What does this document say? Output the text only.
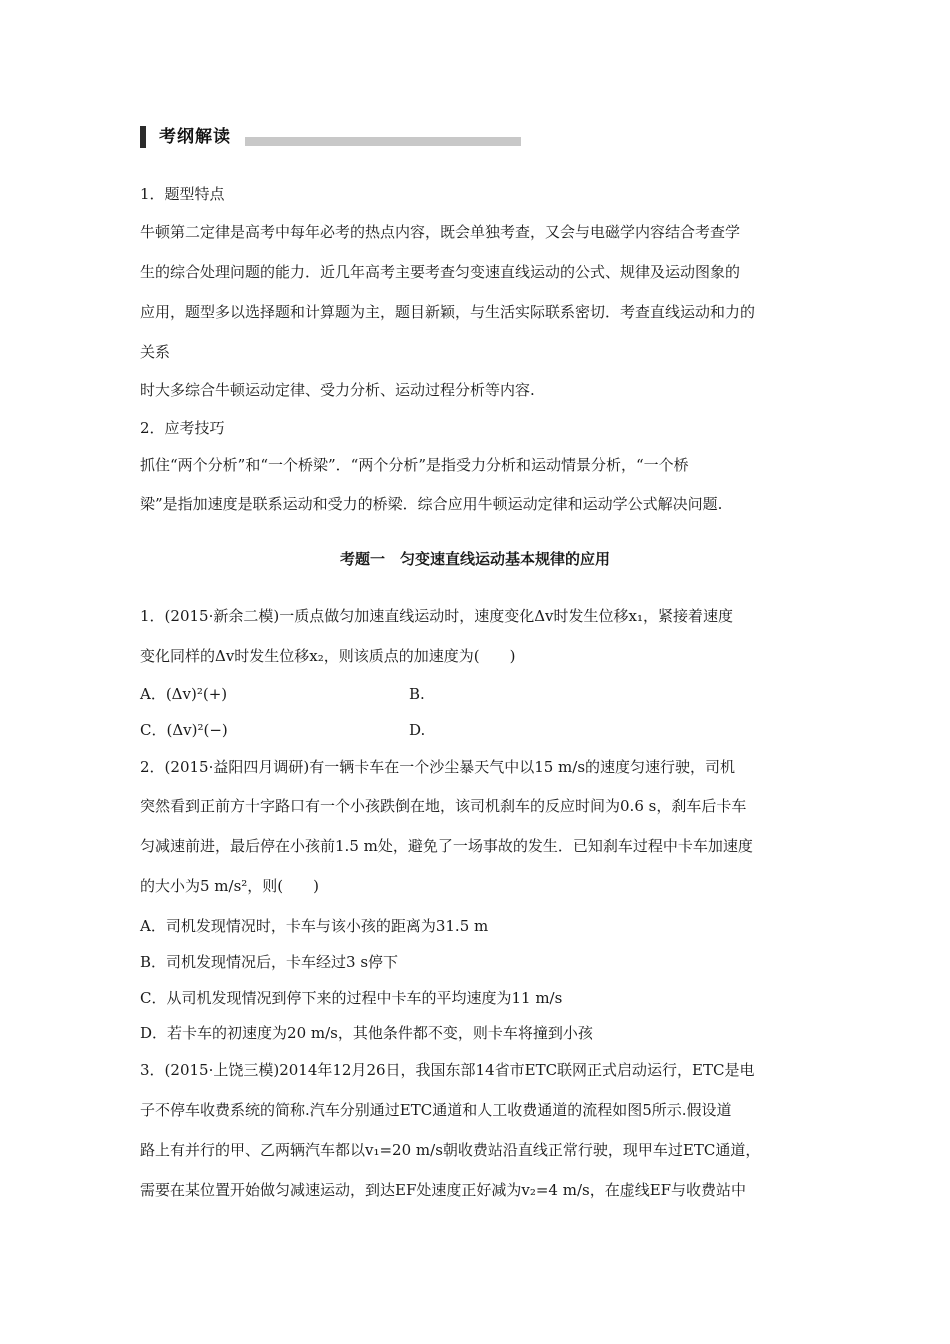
考纲解读
1．题型特点
牛顿第二定律是高考中每年必考的热点内容，既会单独考查，又会与电磁学内容结合考查学
生的综合处理问题的能力．近几年高考主要考查匀变速直线运动的公式、规律及运动图象的
应用，题型多以选择题和计算题为主，题目新颖，与生活实际联系密切．考查直线运动和力的
关系
时大多综合牛顿运动定律、受力分析、运动过程分析等内容.
2．应考技巧
抓住“两个分析”和“一个桥梁”．“两个分析”是指受力分析和运动情景分析，“一个桥
梁”是指加速度是联系运动和受力的桥梁．综合应用牛顿运动定律和运动学公式解决问题.
考题一　匀变速直线运动基本规律的应用
1．(2015·新余二模)一质点做匀加速直线运动时，速度变化Δv时发生位移x₁，紧接着速度
变化同样的Δv时发生位移x₂，则该质点的加速度为(　　)
A．(Δv)²(+)	B.
C．(Δv)²(−)	D.
2．(2015·益阳四月调研)有一辆卡车在一个沙尘暴天气中以15 m/s的速度匀速行驶，司机
突然看到正前方十字路口有一个小孩跌倒在地，该司机刹车的反应时间为0.6 s，刹车后卡车
匀减速前进，最后停在小孩前1.5 m处，避免了一场事故的发生．已知刹车过程中卡车加速度
的大小为5 m/s²，则(　　)
A．司机发现情况时，卡车与该小孩的距离为31.5 m
B．司机发现情况后，卡车经过3 s停下
C．从司机发现情况到停下来的过程中卡车的平均速度为11 m/s
D．若卡车的初速度为20 m/s，其他条件都不变，则卡车将撞到小孩
3．(2015·上饶三模)2014年12月26日，我国东部14省市ETC联网正式启动运行，ETC是电
子不停车收费系统的简称.汽车分别通过ETC通道和人工收费通道的流程如图5所示.假设道
路上有并行的甲、乙两辆汽车都以v₁=20 m/s朝收费站沿直线正常行驶，现甲车过ETC通道，
需要在某位置开始做匀减速运动，到达EF处速度正好减为v₂=4 m/s，在虚线EF与收费站中
